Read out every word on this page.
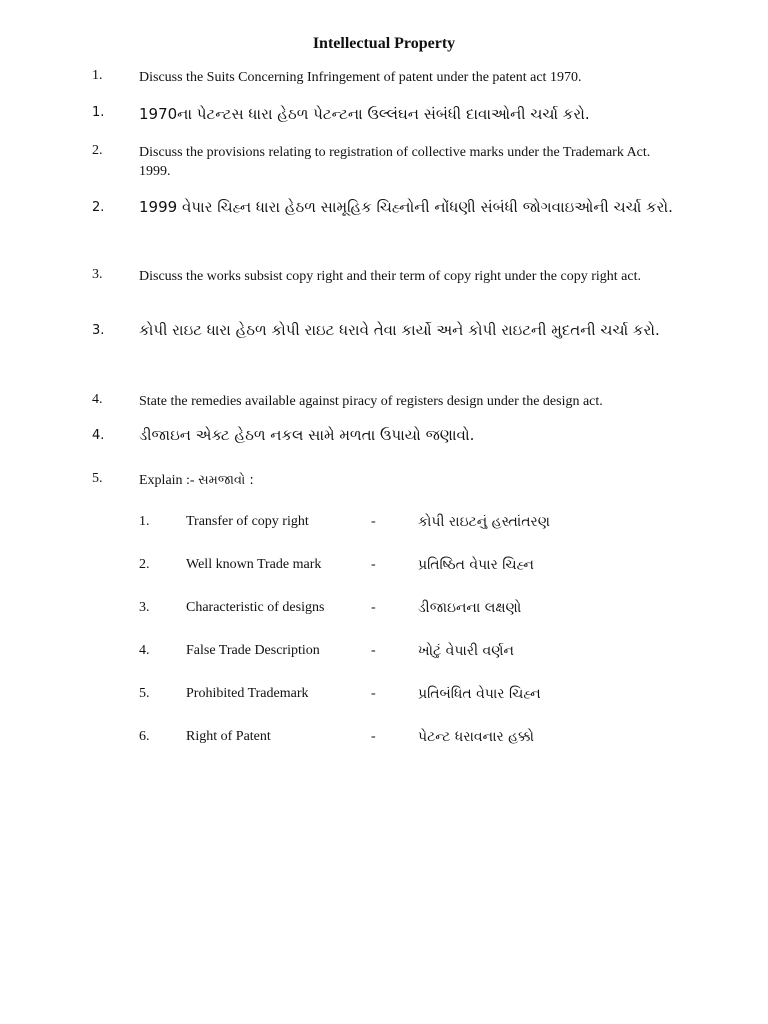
Intellectual Property
1.	Discuss the Suits Concerning Infringement of patent under the patent act 1970.
1. 1970ના પેટન્ટસ ધારા હેઠળ પેટન્ટના ઉલ્લંઘન સંબંધી દાવાઓની ચર્ચા કરો.
2.	Discuss the provisions relating to registration of collective marks under the Trademark Act. 1999.
2. 1999 વેપાર ચિહ્ન ધારા હેઠળ સામૂહિક ચિહ્નોની નોંધણી સંબંધી જોગવાઇઓની ચર્ચા કરો.
3.	Discuss the works subsist copy right and their term of copy right under the copy right act.
3. કોપી રાઇટ ધારા હેઠળ કોપી રાઇટ ધરાવે તેવા કાર્યો અને કોપી રાઇટની મુદતની ચર્ચા કરો.
4.	State the remedies available against piracy of registers design under the design act.
4. ડીજાઇન એક્ટ હેઠળ નકલ સામે મળતા ઉપાયો જણાવો.
5.	Explain :- સમજાવો :
1.	Transfer of copy right	-	કોપી રાઇટનું હસ્તાંતરણ
2.	Well known Trade mark	-	પ્રતિષ્ઠિત વેપાર ચિહ્ન
3.	Characteristic of designs	-	ડીજાઇનના લક્ષણો
4.	False Trade Description	-	ખોટું વેપારી વર્ણન
5.	Prohibited Trademark	-	પ્રતિબંધિત વેપાર ચિહ્ન
6.	Right of Patent	-	પેટન્ટ ધરાવનાર હક્કો
